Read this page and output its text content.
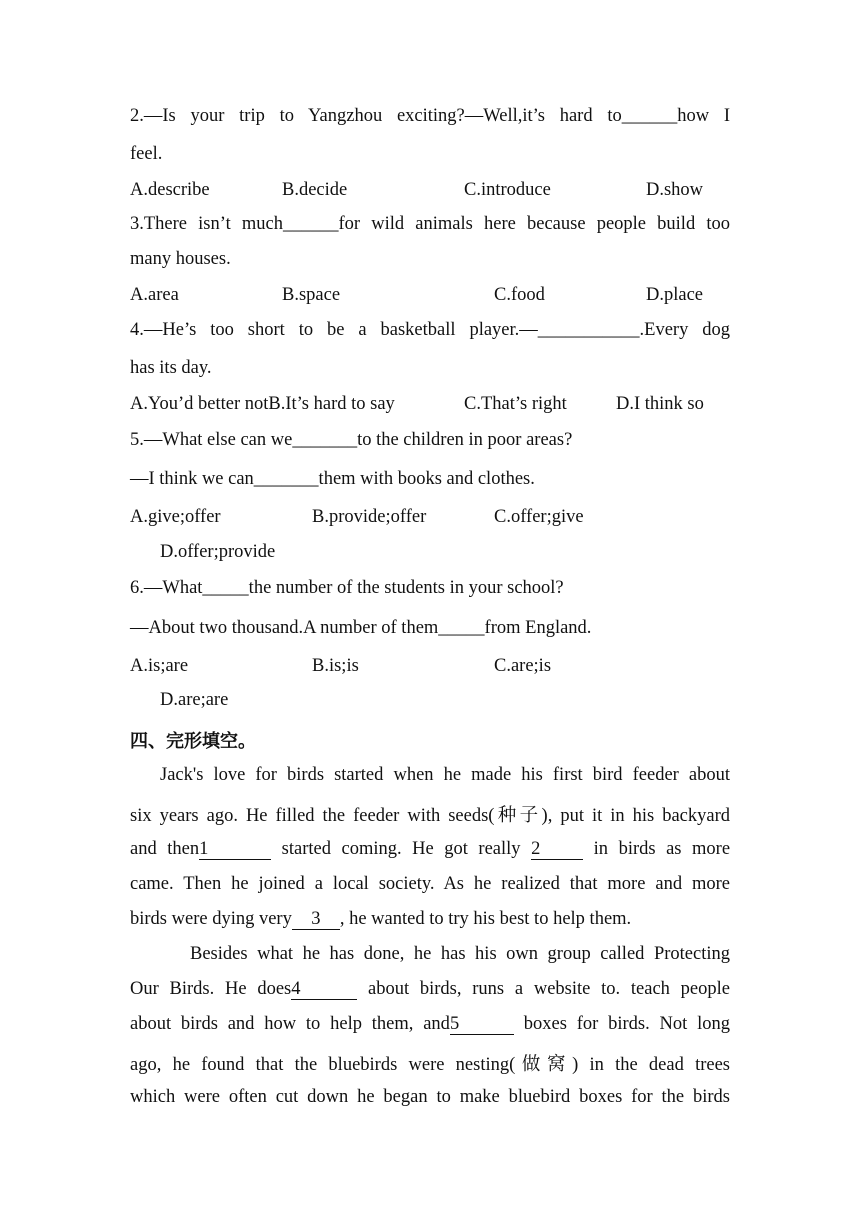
2.—Is your trip to Yangzhou exciting?—Well,it’s hard to______how I
feel.
A.describe	B.decide	C.introduce	D.show
3.There isn’t much______for wild animals here because people build too
many houses.
A.area	B.space	C.food	D.place
4.—He’s too short to be a basketball player.—___________.Every dog
has its day.
A.You’d better notB.It’s hard to say	C.That’s right	D.I think so
5.—What else can we_______to the children in poor areas?
—I think we can_______them with books and clothes.
A.give;offer	B.provide;offer	C.offer;give
D.offer;provide
6.—What_____the number of the students in your school?
—About two thousand.A number of them_____from England.
A.is;are	B.is;is	C.are;is
D.are;are
四、完形填空。
Jack's love for birds started when he made his first bird feeder about
six years ago. He filled the feeder with seeds(种子), put it in his backyard
and then1	started coming. He got really 2	in birds as more
came. Then he joined a local society. As he realized that more and more
birds were dying very 3 , he wanted to try his best to help them.
Besides what he has done, he has his own group called Protecting
Our Birds. He does4	about birds, runs a website to. teach people
about birds and how to help them, and5	boxes for birds. Not long
ago, he found that the bluebirds were nesting(做窝) in the dead trees
which were often cut down he began to make bluebird boxes for the birds
